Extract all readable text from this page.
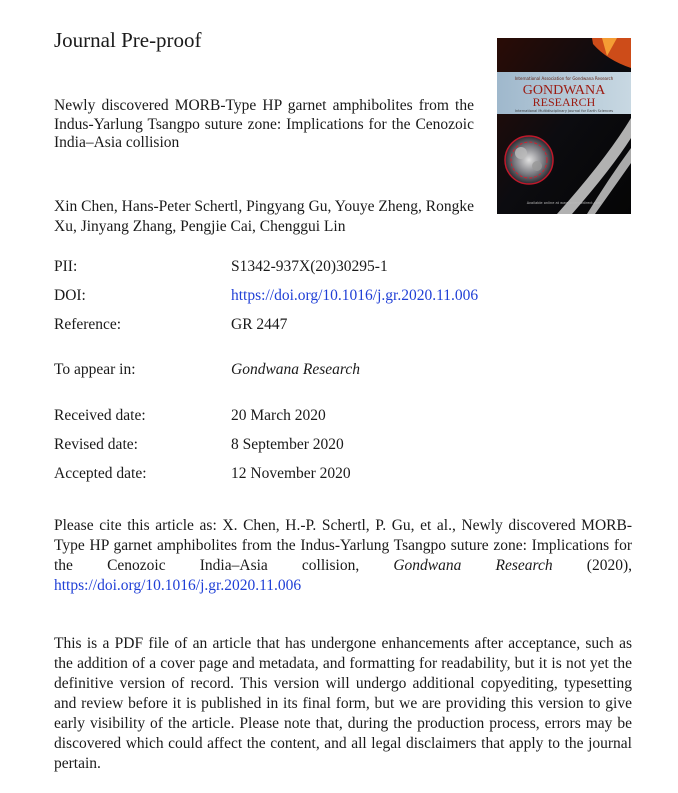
Journal Pre-proof
Newly discovered MORB-Type HP garnet amphibolites from the Indus-Yarlung Tsangpo suture zone: Implications for the Cenozoic India–Asia collision
Xin Chen, Hans-Peter Schertl, Pingyang Gu, Youye Zheng, Rongke Xu, Jinyang Zhang, Pengjie Cai, Chenggui Lin
International Association for Gondwana Research
GONDWANA
RESEARCH
International Multidisciplinary Journal for Earth Sciences
Available online at www.sciencedirect.com
PII:	S1342-937X(20)30295-1
DOI:	https://doi.org/10.1016/j.gr.2020.11.006
Reference:	GR 2447
To appear in:	Gondwana Research
Received date:	20 March 2020
Revised date:	8 September 2020
Accepted date:	12 November 2020
Please cite this article as: X. Chen, H.-P. Schertl, P. Gu, et al., Newly discovered MORB-Type HP garnet amphibolites from the Indus-Yarlung Tsangpo suture zone: Implications for the Cenozoic India–Asia collision, Gondwana Research (2020), https://doi.org/10.1016/j.gr.2020.11.006
This is a PDF file of an article that has undergone enhancements after acceptance, such as the addition of a cover page and metadata, and formatting for readability, but it is not yet the definitive version of record. This version will undergo additional copyediting, typesetting and review before it is published in its final form, but we are providing this version to give early visibility of the article. Please note that, during the production process, errors may be discovered which could affect the content, and all legal disclaimers that apply to the journal pertain.
